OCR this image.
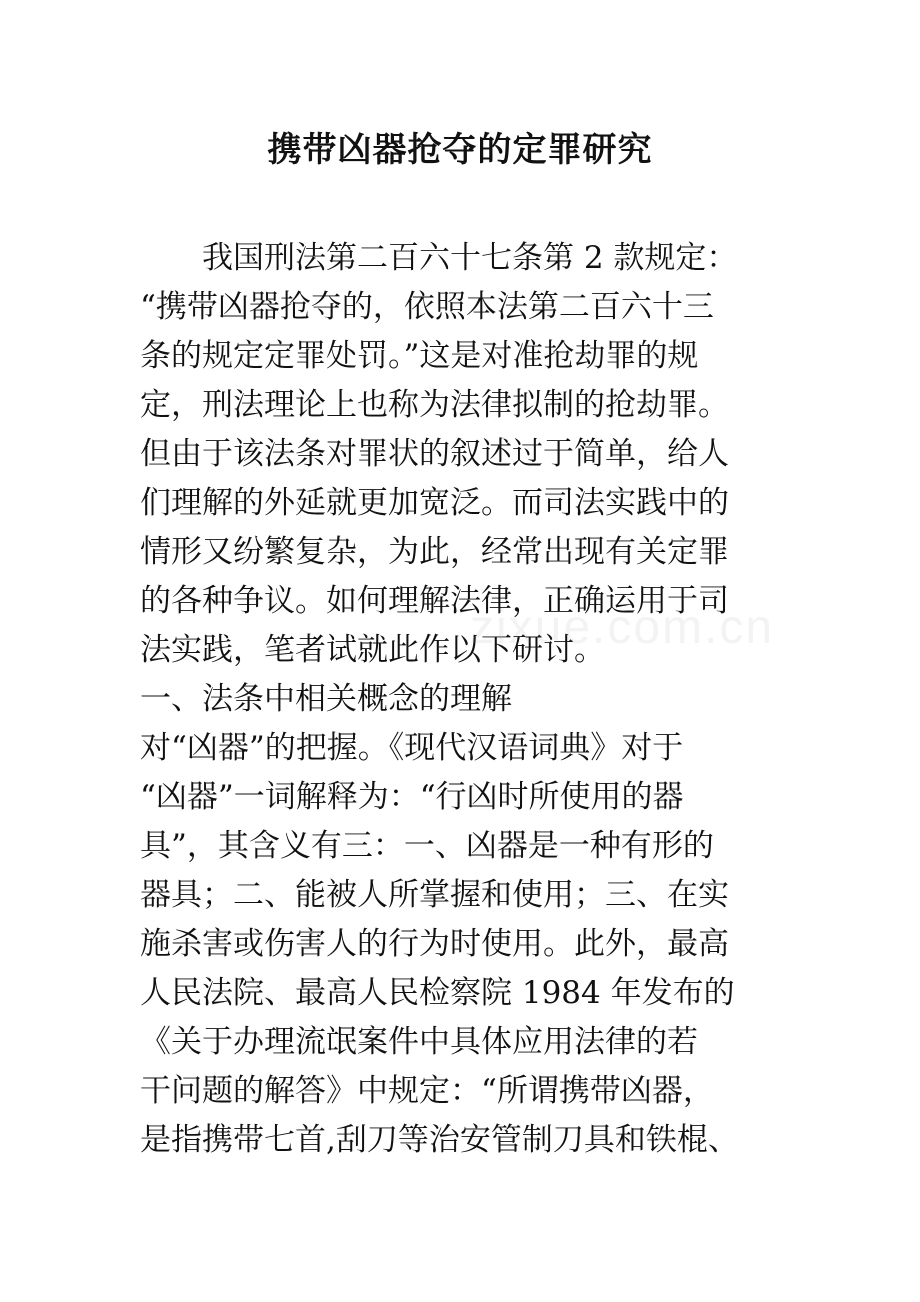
携带凶器抢夺的定罪研究
　　我国刑法第二百六十七条第 2 款规定：
“携带凶器抢夺的，依照本法第二百六十三
条的规定定罪处罚。”这是对准抢劫罪的规
定，刑法理论上也称为法律拟制的抢劫罪。
但由于该法条对罪状的叙述过于简单，给人
们理解的外延就更加宽泛。而司法实践中的
情形又纷繁复杂，为此，经常出现有关定罪
的各种争议。如何理解法律，正确运用于司
法实践，笔者试就此作以下研讨。
一、法条中相关概念的理解
对“凶器”的把握。《现代汉语词典》对于
“凶器”一词解释为：“行凶时所使用的器
具”，其含义有三：一、凶器是一种有形的
器具；二、能被人所掌握和使用；三、在实
施杀害或伤害人的行为时使用。此外，最高
人民法院、最高人民检察院 1984 年发布的
《关于办理流氓案件中具体应用法律的若
干问题的解答》中规定：“所谓携带凶器，
是指携带七首,刮刀等治安管制刀具和铁棍、
zixue.com.cn
